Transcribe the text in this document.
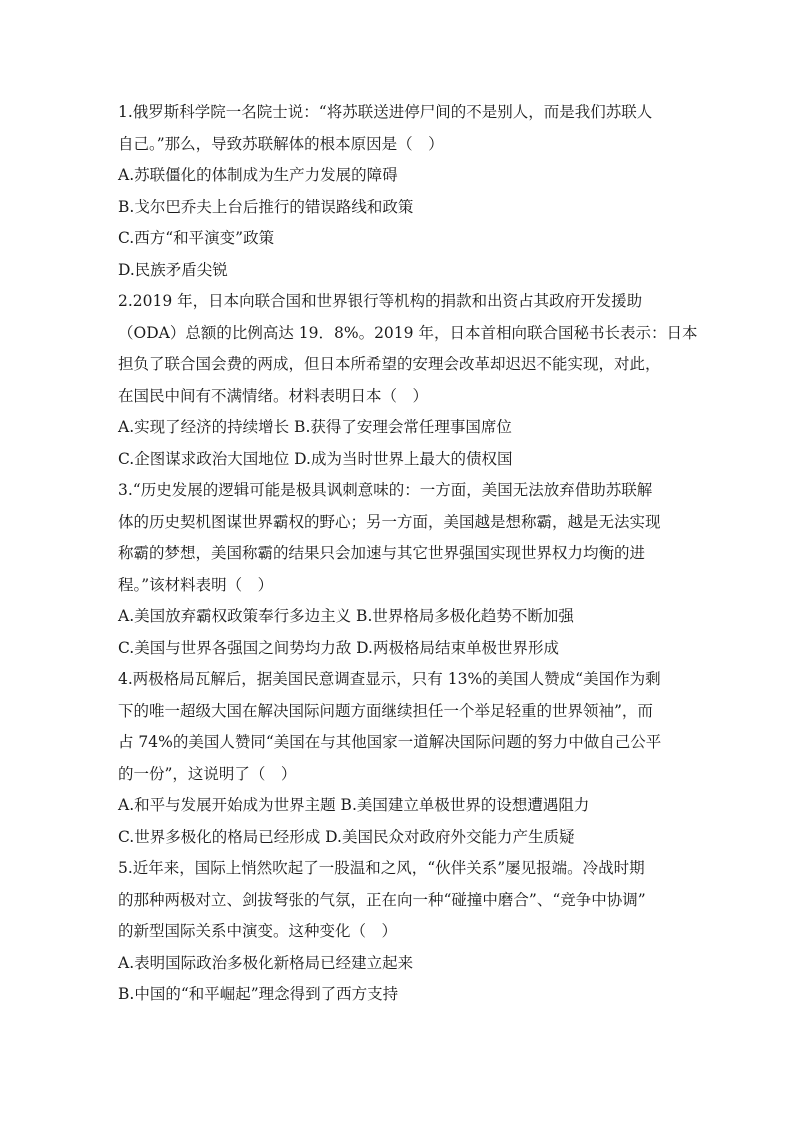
1.俄罗斯科学院一名院士说：“将苏联送进停尸间的不是别人，而是我们苏联人
自己。”那么，导致苏联解体的根本原因是（　）
A.苏联僵化的体制成为生产力发展的障碍
B.戈尔巴乔夫上台后推行的错误路线和政策
C.西方“和平演变”政策
D.民族矛盾尖锐
2.2019 年，日本向联合国和世界银行等机构的捐款和出资占其政府开发援助
（ODA）总额的比例高达 19．8%。2019 年，日本首相向联合国秘书长表示：日本
担负了联合国会费的两成，但日本所希望的安理会改革却迟迟不能实现，对此，
在国民中间有不满情绪。材料表明日本（　）
A.实现了经济的持续增长 B.获得了安理会常任理事国席位
C.企图谋求政治大国地位 D.成为当时世界上最大的债权国
3.“历史发展的逻辑可能是极具讽刺意味的：一方面，美国无法放弃借助苏联解
体的历史契机图谋世界霸权的野心；另一方面，美国越是想称霸，越是无法实现
称霸的梦想，美国称霸的结果只会加速与其它世界强国实现世界权力均衡的进
程。”该材料表明（　）
A.美国放弃霸权政策奉行多边主义 B.世界格局多极化趋势不断加强
C.美国与世界各强国之间势均力敌 D.两极格局结束单极世界形成
4.两极格局瓦解后，据美国民意调查显示，只有 13%的美国人赞成“美国作为剩
下的唯一超级大国在解决国际问题方面继续担任一个举足轻重的世界领袖”，而
占 74%的美国人赞同“美国在与其他国家一道解决国际问题的努力中做自己公平
的一份”，这说明了（　）
A.和平与发展开始成为世界主题 B.美国建立单极世界的设想遭遇阻力
C.世界多极化的格局已经形成 D.美国民众对政府外交能力产生质疑
5.近年来，国际上悄然吹起了一股温和之风，“伙伴关系”屡见报端。冷战时期
的那种两极对立、剑拔弩张的气氛，正在向一种“碰撞中磨合”、“竞争中协调”
的新型国际关系中演变。这种变化（　）
A.表明国际政治多极化新格局已经建立起来
B.中国的“和平崛起”理念得到了西方支持
